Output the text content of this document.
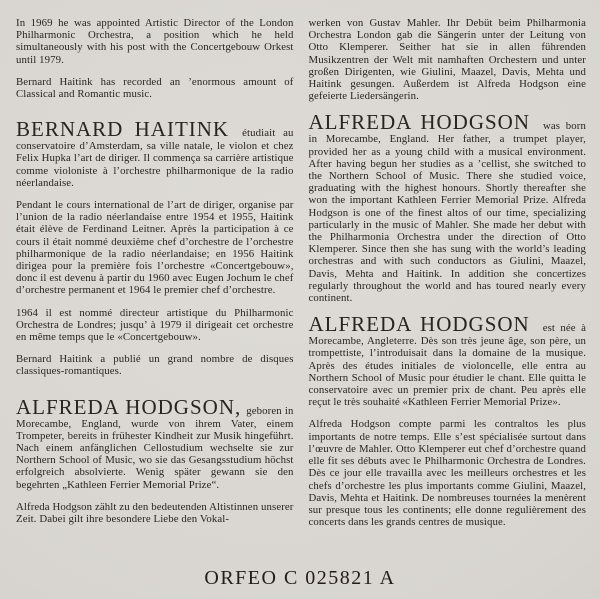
In 1969 he was appointed Artistic Director of the London Philharmonic Orchestra, a position which he held simultaneously with his post with the Concertgebouw Orkest until 1979.

Bernard Haitink has recorded an ’enormous amount of Classical and Romantic music.

BERNARD HAITINK étudiait au conservatoire d’Amsterdam, sa ville natale, le violon et chez Felix Hupka l’art de diriger. Il commença sa carrière artistique comme violoniste à l’orchestre philharmonique de la radio néerlandaise.

Pendant le cours international de l’art de diriger, organise par l’union de la radio néerlandaise entre 1954 et 1955, Haitink était élève de Ferdinand Leitner. Après la participation à ce cours il était nommé deuxième chef d’orchestre de l’orchestre philharmonique de la radio néerlandaise; en 1956 Haitink dirigea pour la première fois l’orchestre «Concertgebouw», donc il est devenu à partir du 1960 avec Eugen Jochum le chef d’orchestre permanent et 1964 le premier chef d’orchestre.

1964 il est nommé directeur artistique du Philharmonic Orchestra de Londres; jusqu’ à 1979 il dirigeait cet orchestre en même temps que le «Concertgebouw».

Bernard Haitink a publié un grand nombre de disques classiques-romantiques.

ALFREDA HODGSON, geboren in Morecambe, England, wurde von ihrem Vater, einem Trompeter, bereits in frühester Kindheit zur Musik hingeführt. Nach einem anfänglichen Cellostudium wechselte sie zur Northern School of Music, wo sie das Gesangsstudium höchst erfolgreich absolvierte. Wenig später gewann sie den begehrten „Kathleen Ferrier Memorial Prize“.

Alfreda Hodgson zählt zu den bedeutenden Altistinnen unserer Zeit. Dabei gilt ihre besondere Liebe den Vokal-

werken von Gustav Mahler. Ihr Debüt beim Philharmonia Orchestra London gab die Sängerin unter der Leitung von Otto Klemperer. Seither hat sie in allen führenden Musikzentren der Welt mit namhaften Orchestern und unter großen Dirigenten, wie Giulini, Maazel, Davis, Mehta und Haitink gesungen. Außerdem ist Alfreda Hodgson eine gefeierte Liedersängerin.

ALFREDA HODGSON was born in Morecambe, England. Her father, a trumpet player, provided her as a young child with a musical environment. After having begun her studies as a ’cellist, she switched to the Northern School of Music. There she studied voice, graduating with the highest honours. Shortly thereafter she won the important Kathleen Ferrier Memorial Prize. Alfreda Hodgson is one of the finest altos of our time, specializing particularly in the music of Mahler. She made her debut with the Philharmonia Orchestra under the direction of Otto Klemperer. Since then she has sung with the world’s leading orchestras and with such conductors as Giulini, Maazel, Davis, Mehta and Haitink. In addition she concertizes regularly throughout the world and has toured nearly every continent.

ALFREDA HODGSON est née à Morecambe, Angleterre. Dès son très jeune âge, son père, un trompettiste, l’introduisait dans la domaine de la musique. Après des études initiales de violoncelle, elle entra au Northern School of Music pour étudier le chant. Elle quitta le conservatoire avec un premier prix de chant. Peu après elle reçut le très souhaité «Kathleen Ferrier Memorial Prize».

Alfreda Hodgson compte parmi les contraltos les plus importants de notre temps. Elle s’est spécialisée surtout dans l’œuvre de Mahler. Otto Klemperer eut chef d’orchestre quand elle fit ses débuts avec le Philharmonic Orchestra de Londres. Dès ce jour elle travailla avec les meilleurs orchestres et les chefs d’orchestre les plus importants comme Giulini, Maazel, Davis, Mehta et Haitink. De nombreuses tournées la menèrent sur presque tous les continents; elle donne regulièrement des concerts dans les grands centres de musique.

ORFEO C 025821 A
